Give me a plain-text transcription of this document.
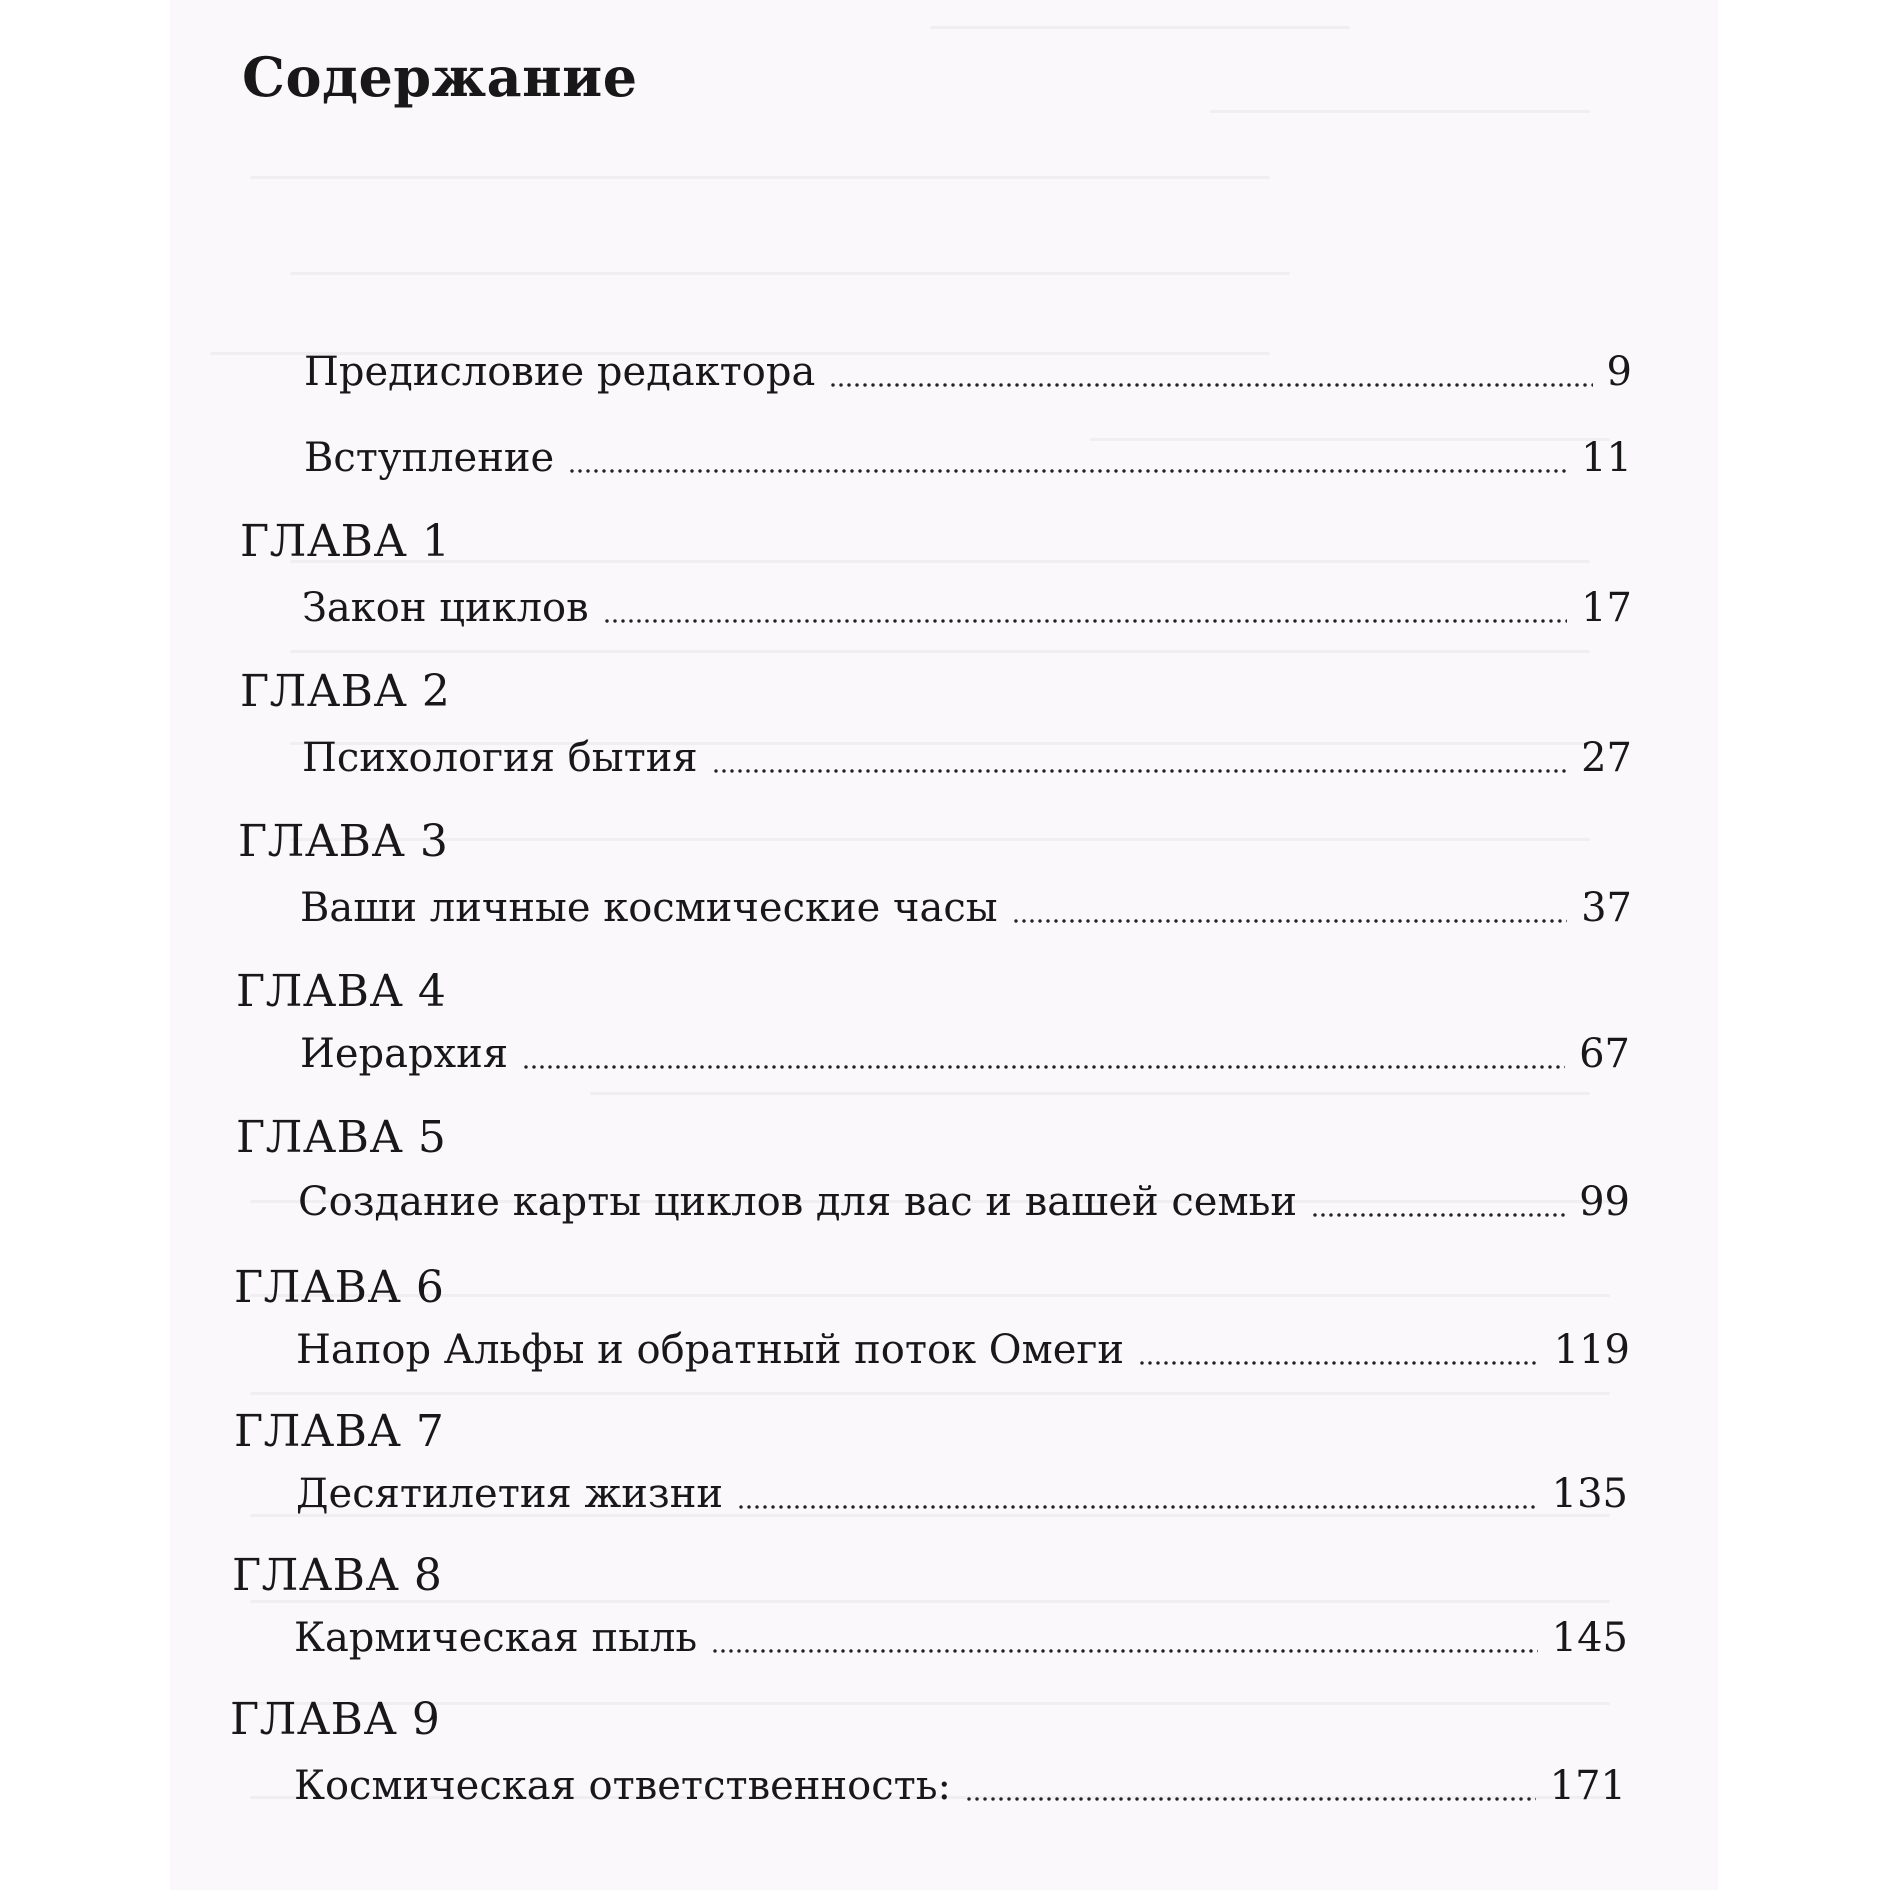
Содержание
Предисловие редактора	9
Вступление	11
ГЛАВА 1
Закон циклов	17
ГЛАВА 2
Психология бытия	27
ГЛАВА 3
Ваши личные космические часы	37
ГЛАВА 4
Иерархия	67
ГЛАВА 5
Создание карты циклов для вас и вашей семьи	99
ГЛАВА 6
Напор Альфы и обратный поток Омеги	119
ГЛАВА 7
Десятилетия жизни	135
ГЛАВА 8
Кармическая пыль	145
ГЛАВА 9
Космическая ответственность:	171
